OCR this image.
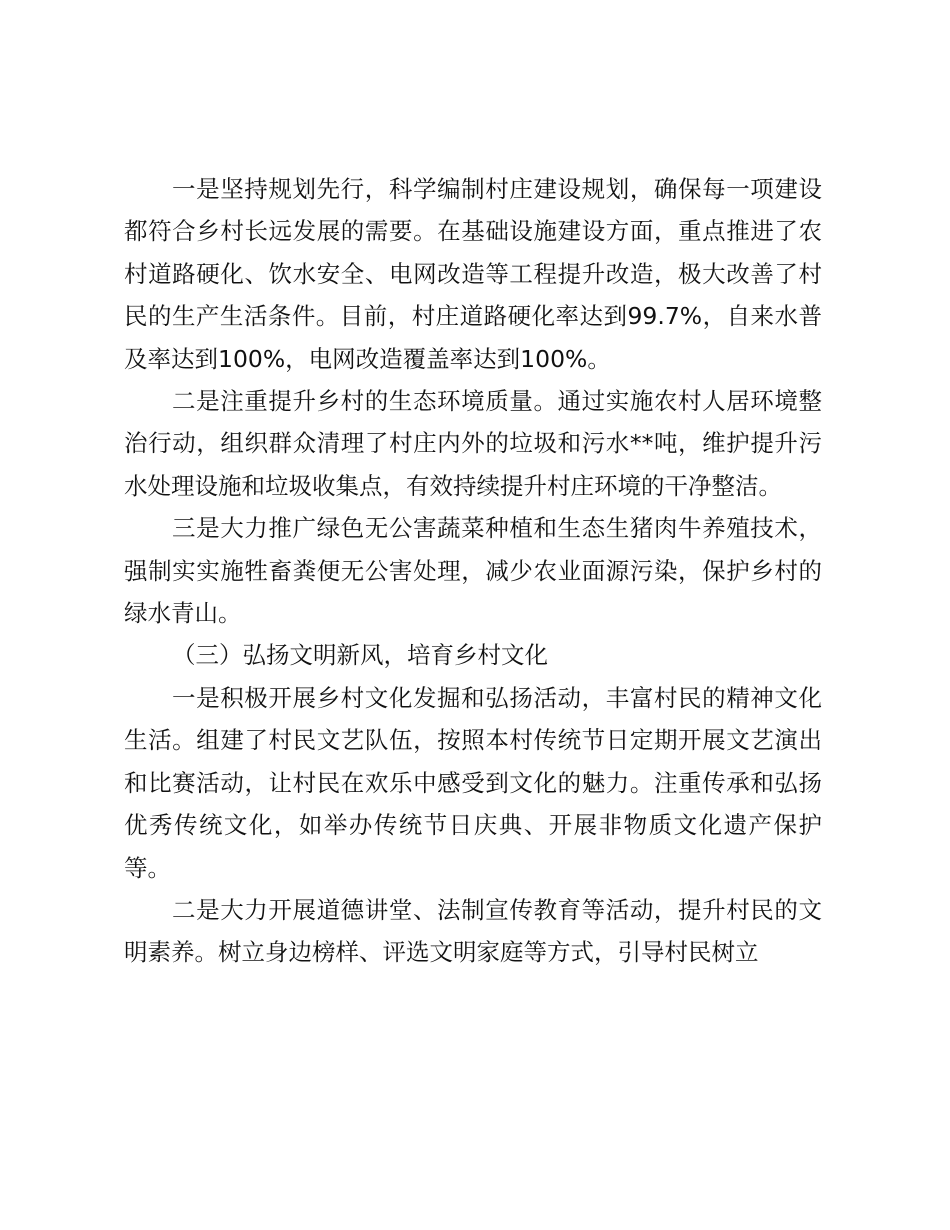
一是坚持规划先行，科学编制村庄建设规划，确保每一项建设都符合乡村长远发展的需要。在基础设施建设方面，重点推进了农村道路硬化、饮水安全、电网改造等工程提升改造，极大改善了村民的生产生活条件。目前，村庄道路硬化率达到99.7%，自来水普及率达到100%，电网改造覆盖率达到100%。

二是注重提升乡村的生态环境质量。通过实施农村人居环境整治行动，组织群众清理了村庄内外的垃圾和污水**吨，维护提升污水处理设施和垃圾收集点，有效持续提升村庄环境的干净整洁。

三是大力推广绿色无公害蔬菜种植和生态生猪肉牛养殖技术，强制实实施牲畜粪便无公害处理，减少农业面源污染，保护乡村的绿水青山。

（三）弘扬文明新风，培育乡村文化

一是积极开展乡村文化发掘和弘扬活动，丰富村民的精神文化生活。组建了村民文艺队伍，按照本村传统节日定期开展文艺演出和比赛活动，让村民在欢乐中感受到文化的魅力。注重传承和弘扬优秀传统文化，如举办传统节日庆典、开展非物质文化遗产保护等。

二是大力开展道德讲堂、法制宣传教育等活动，提升村民的文明素养。树立身边榜样、评选文明家庭等方式，引导村民树立
